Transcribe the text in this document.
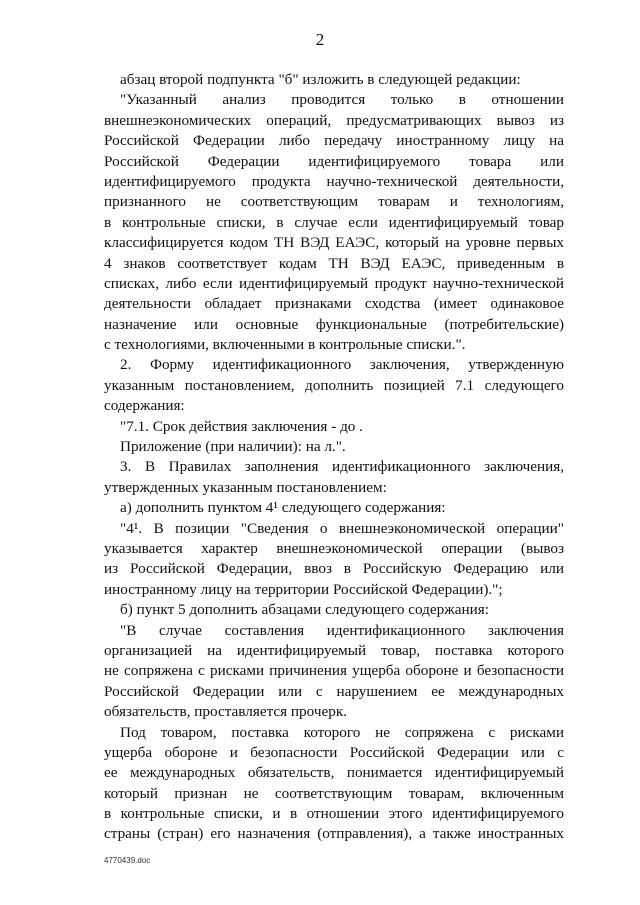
2
абзац второй подпункта "б" изложить в следующей редакции:
"Указанный анализ проводится только в отношении
внешнеэкономических операций, предусматривающих вывоз из
Российской Федерации либо передачу иностранному лицу на
Российской Федерации идентифицируемого товара или
идентифицируемого продукта научно-технической деятельности,
признанного не соответствующим товарам и технологиям,
в контрольные списки, в случае если идентифицируемый товар
классифицируется кодом ТН ВЭД ЕАЭС, который на уровне первых
4 знаков соответствует кодам ТН ВЭД ЕАЭС, приведенным в
списках, либо если идентифицируемый продукт научно-технической
деятельности обладает признаками сходства (имеет одинаковое
назначение или основные функциональные (потребительские)
с технологиями, включенными в контрольные списки.".
2. Форму идентификационного заключения, утвержденную
указанным постановлением, дополнить позицией 7.1 следующего
содержания:
"7.1. Срок действия заключения - до .
Приложение (при наличии): на л.".
3. В Правилах заполнения идентификационного заключения,
утвержденных указанным постановлением:
а) дополнить пунктом 4¹ следующего содержания:
"4¹. В позиции "Сведения о внешнеэкономической операции"
указывается характер внешнеэкономической операции (вывоз
из Российской Федерации, ввоз в Российскую Федерацию или
иностранному лицу на территории Российской Федерации).";
б) пункт 5 дополнить абзацами следующего содержания:
"В случае составления идентификационного заключения
организацией на идентифицируемый товар, поставка которого
не сопряжена с рисками причинения ущерба обороне и безопасности
Российской Федерации или с нарушением ее международных
обязательств, проставляется прочерк.
Под товаром, поставка которого не сопряжена с рисками
ущерба обороне и безопасности Российской Федерации или с
ее международных обязательств, понимается идентифицируемый
который признан не соответствующим товарам, включенным
в контрольные списки, и в отношении этого идентифицируемого
страны (стран) его назначения (отправления), а также иностранных
4770439.doc
